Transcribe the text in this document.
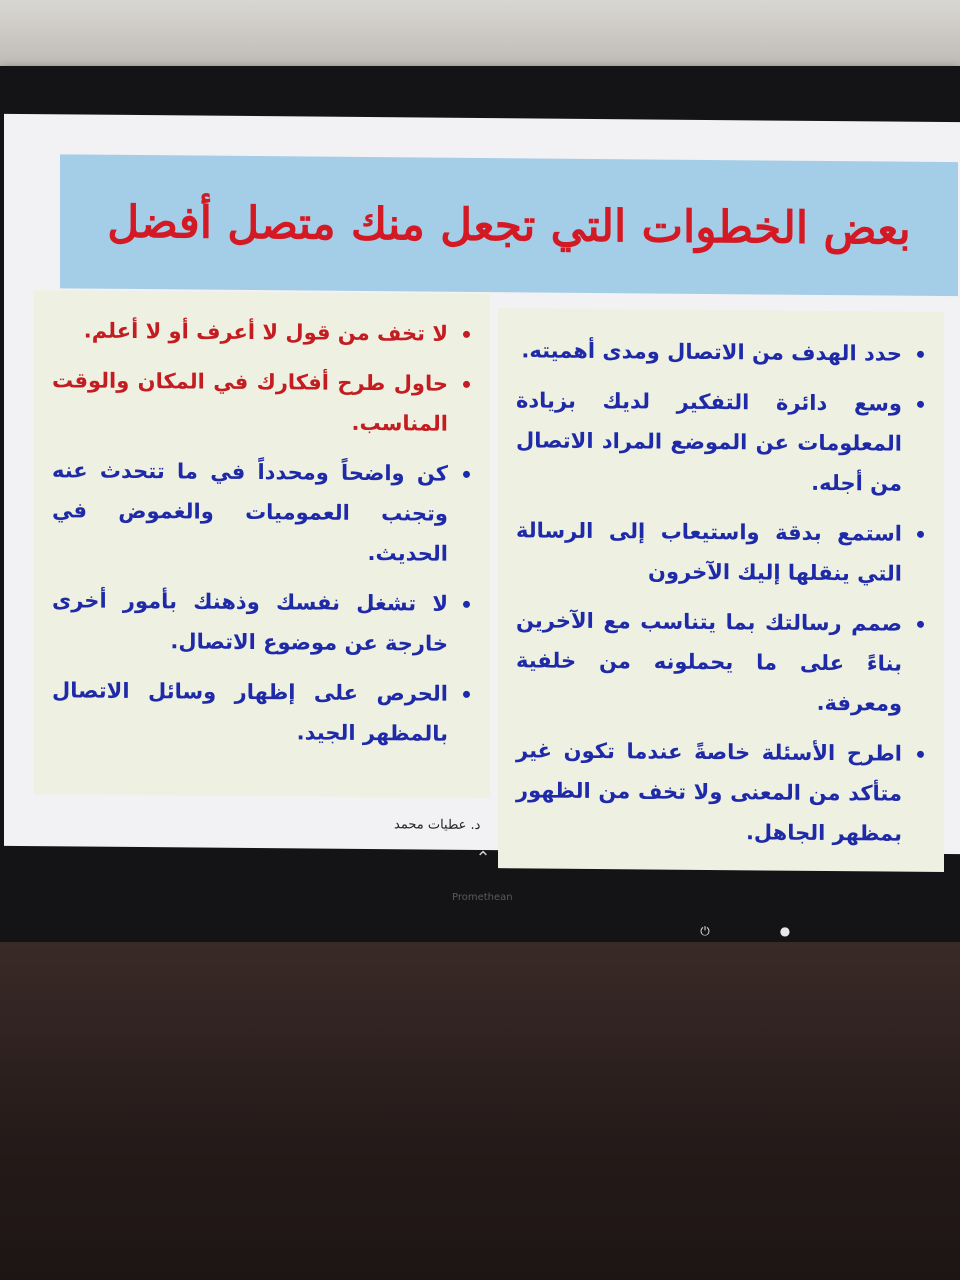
بعض الخطوات التي تجعل منك متصل أفضل
حدد الهدف من الاتصال ومدى أهميته.
وسع دائرة التفكير لديك بزيادة المعلومات عن الموضع المراد الاتصال من أجله.
استمع بدقة واستيعاب إلى الرسالة التي ينقلها إليك الآخرون
صمم رسالتك بما يتناسب مع الآخرين بناءً على ما يحملونه من خلفية ومعرفة.
اطرح الأسئلة خاصةً عندما تكون غير متأكد من المعنى ولا تخف من الظهور بمظهر الجاهل.
لا تخف من قول لا أعرف أو لا أعلم.
حاول طرح أفكارك في المكان والوقت المناسب.
كن واضحاً ومحدداً في ما تتحدث عنه وتجنب العموميات والغموض في الحديث.
لا تشغل نفسك وذهنك بأمور أخرى خارجة عن موضوع الاتصال.
الحرص على إظهار وسائل الاتصال بالمظهر الجيد.
د. عطيات محمد
⌃
Promethean
⏻	●
